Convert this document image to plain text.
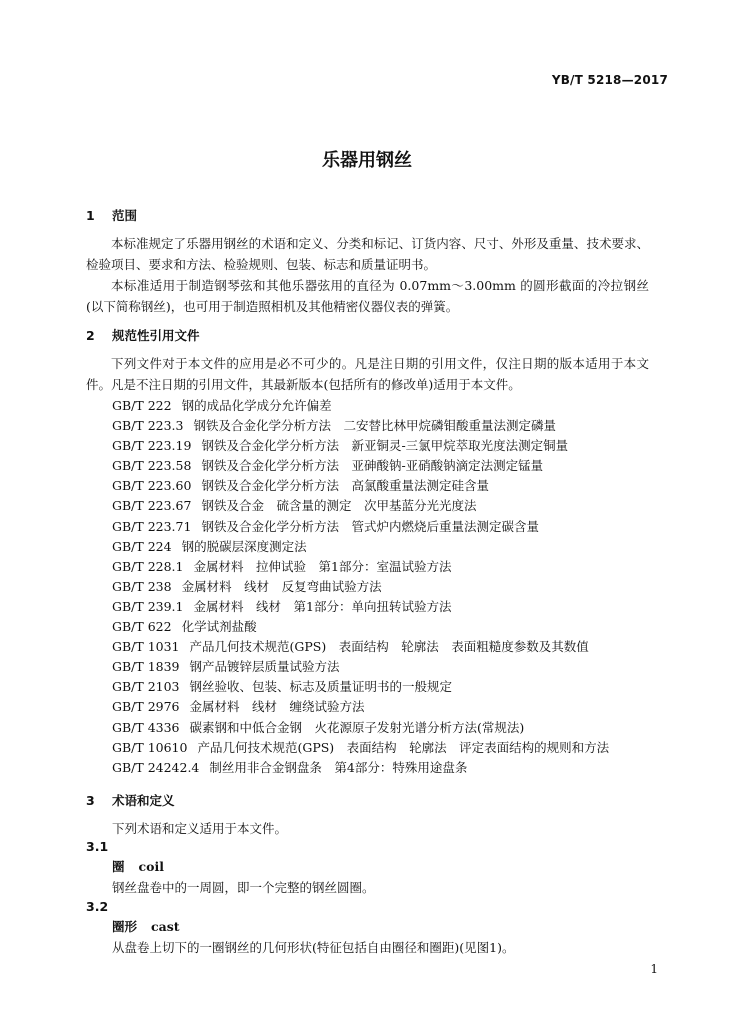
YB/T 5218—2017
乐器用钢丝
1 范围
本标准规定了乐器用钢丝的术语和定义、分类和标记、订货内容、尺寸、外形及重量、技术要求、检验项目、要求和方法、检验规则、包装、标志和质量证明书。
本标准适用于制造钢琴弦和其他乐器弦用的直径为 0.07mm～3.00mm 的圆形截面的冷拉钢丝(以下简称钢丝)，也可用于制造照相机及其他精密仪器仪表的弹簧。
2 规范性引用文件
下列文件对于本文件的应用是必不可少的。凡是注日期的引用文件，仅注日期的版本适用于本文件。凡是不注日期的引用文件，其最新版本(包括所有的修改单)适用于本文件。
GB/T 222 钢的成品化学成分允许偏差
GB/T 223.3 钢铁及合金化学分析方法　二安替比林甲烷磷钼酸重量法测定磷量
GB/T 223.19 钢铁及合金化学分析方法　新亚铜灵-三氯甲烷萃取光度法测定铜量
GB/T 223.58 钢铁及合金化学分析方法　亚砷酸钠-亚硝酸钠滴定法测定锰量
GB/T 223.60 钢铁及合金化学分析方法　高氯酸重量法测定硅含量
GB/T 223.67 钢铁及合金　硫含量的测定　次甲基蓝分光光度法
GB/T 223.71 钢铁及合金化学分析方法　管式炉内燃烧后重量法测定碳含量
GB/T 224 钢的脱碳层深度测定法
GB/T 228.1 金属材料　拉伸试验　第1部分：室温试验方法
GB/T 238 金属材料　线材　反复弯曲试验方法
GB/T 239.1 金属材料　线材　第1部分：单向扭转试验方法
GB/T 622 化学试剂盐酸
GB/T 1031 产品几何技术规范(GPS)　表面结构　轮廓法　表面粗糙度参数及其数值
GB/T 1839 钢产品镀锌层质量试验方法
GB/T 2103 钢丝验收、包装、标志及质量证明书的一般规定
GB/T 2976 金属材料　线材　缠绕试验方法
GB/T 4336 碳素钢和中低合金钢　火花源原子发射光谱分析方法(常规法)
GB/T 10610 产品几何技术规范(GPS)　表面结构　轮廓法　评定表面结构的规则和方法
GB/T 24242.4 制丝用非合金钢盘条　第4部分：特殊用途盘条
3 术语和定义
下列术语和定义适用于本文件。
3.1
圈 coil
钢丝盘卷中的一周圆，即一个完整的钢丝圆圈。
3.2
圈形 cast
从盘卷上切下的一圈钢丝的几何形状(特征包括自由圈径和圈距)(见图1)。
1
